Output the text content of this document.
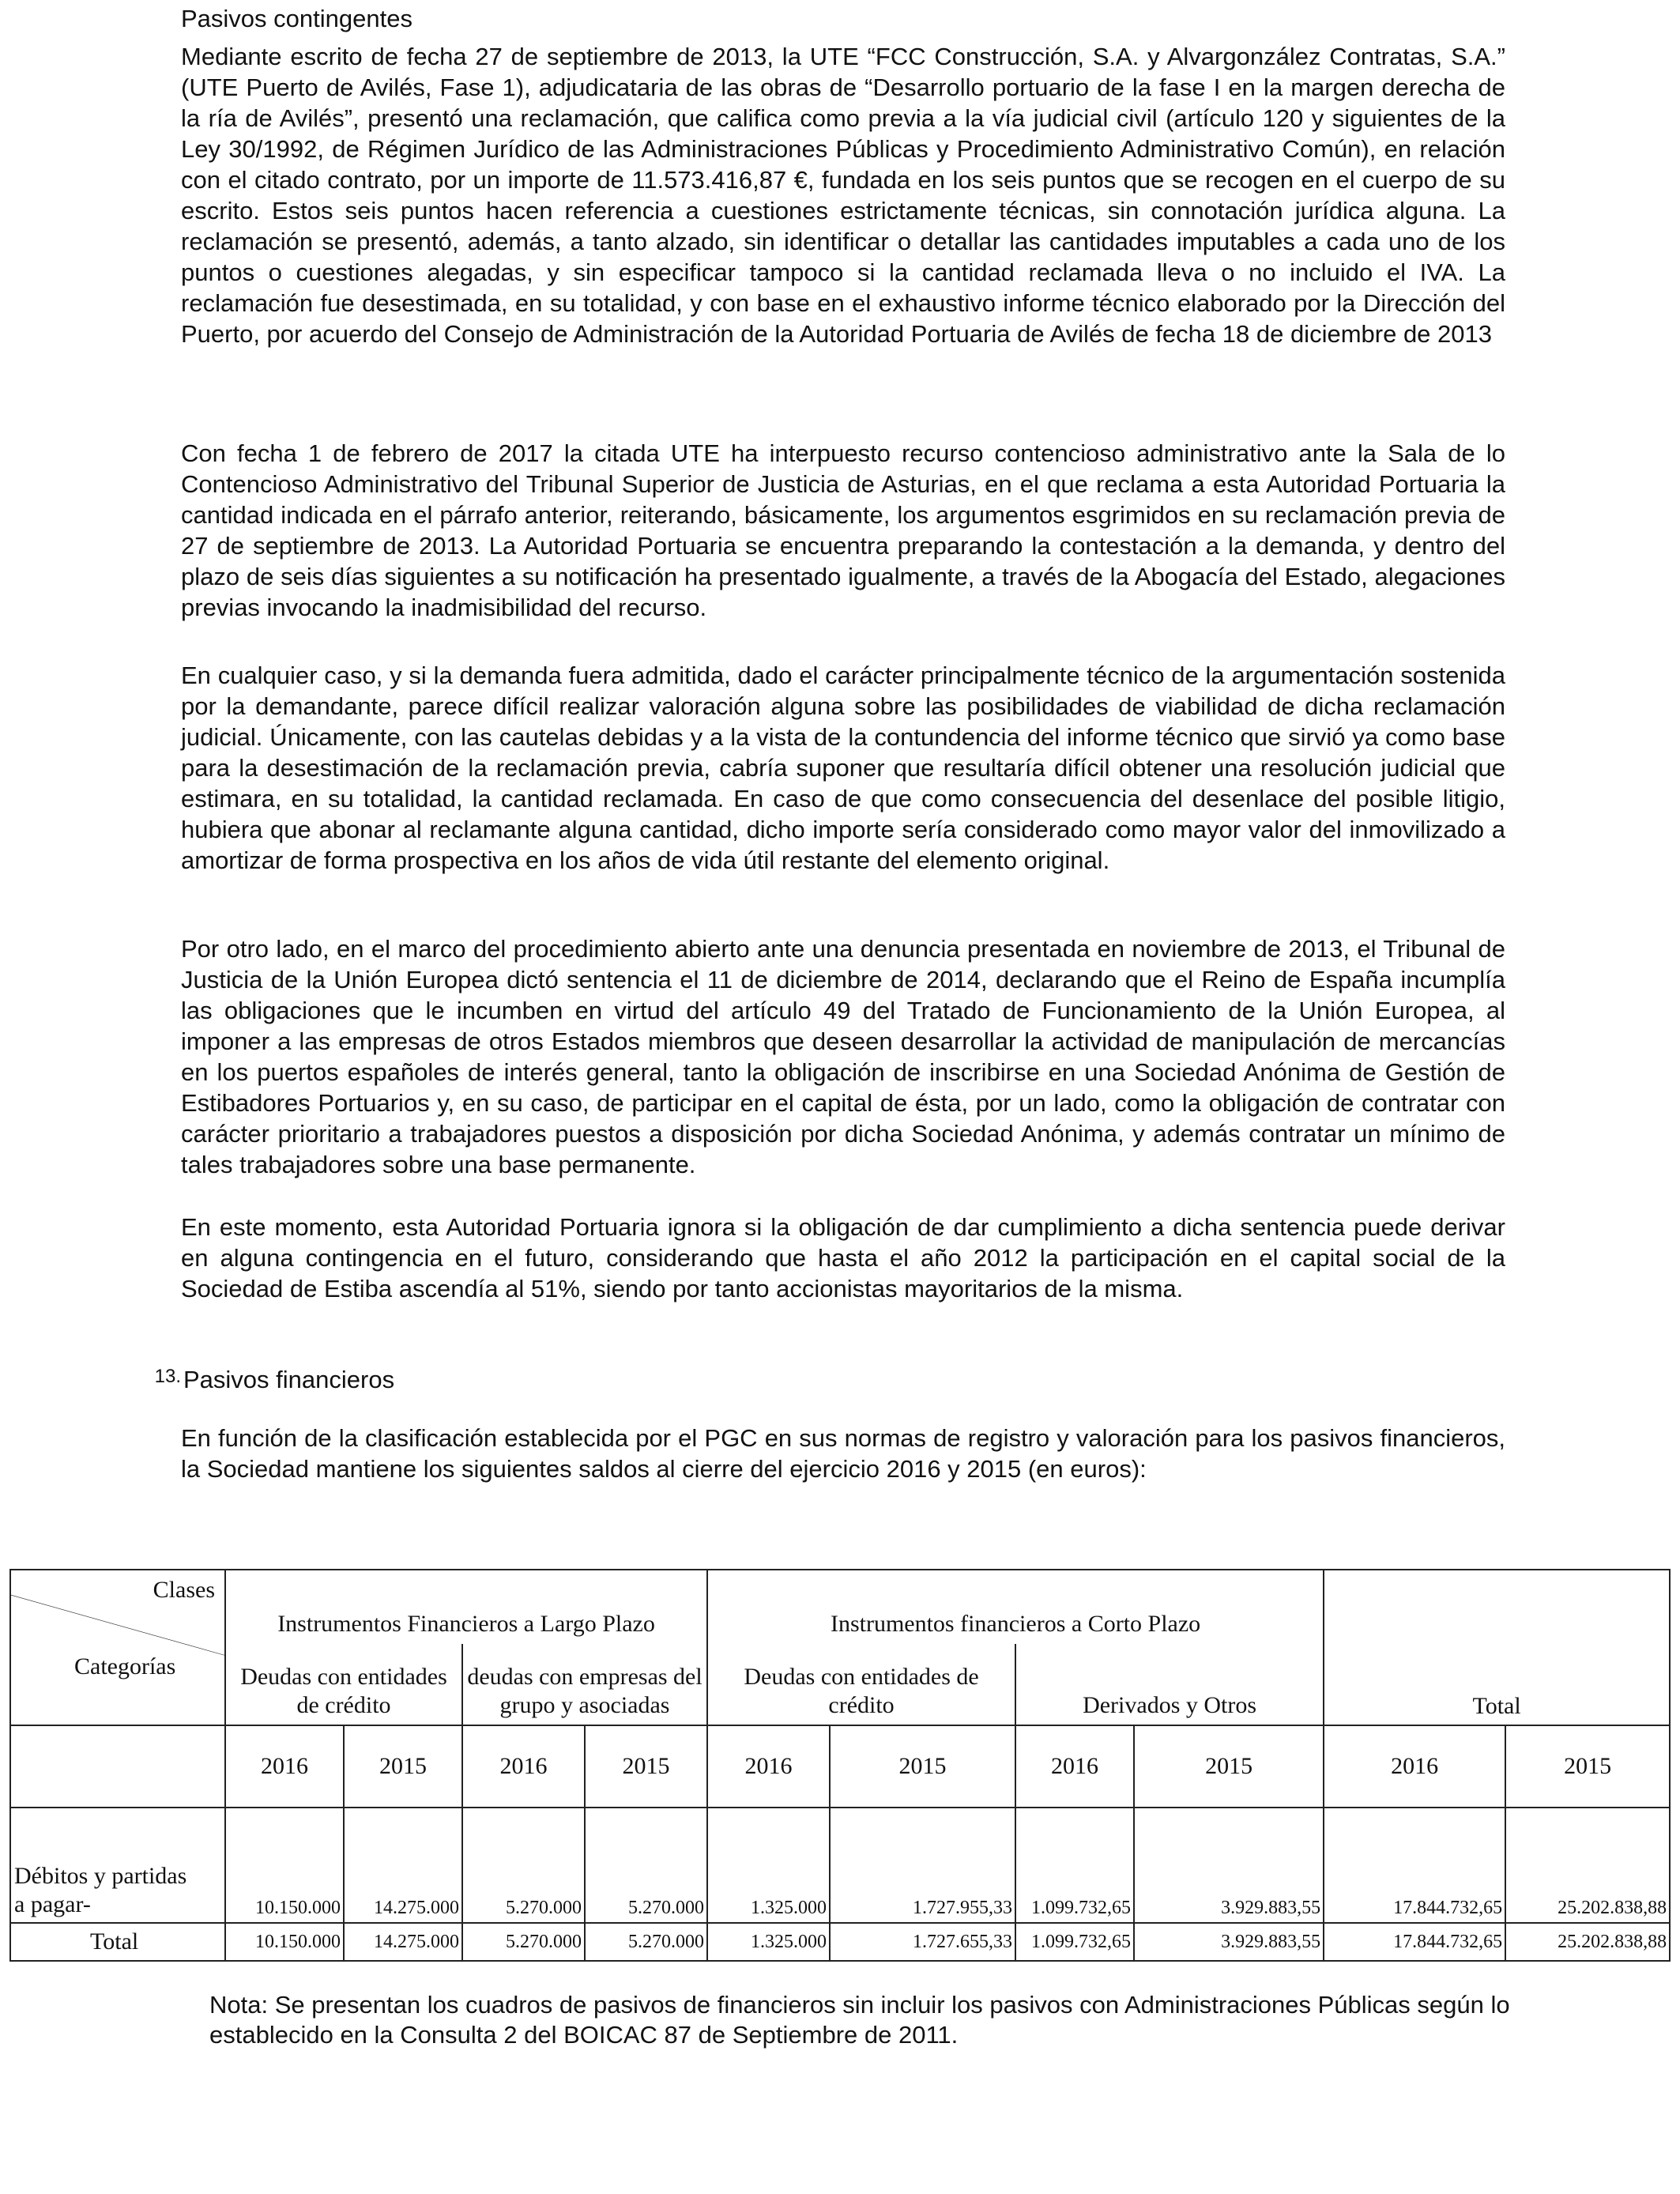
Pasivos contingentes

Mediante escrito de fecha 27 de septiembre de 2013, la UTE “FCC Construcción, S.A. y Alvargonzález Contratas, S.A.” (UTE Puerto de Avilés, Fase 1), adjudicataria de las obras de “Desarrollo portuario de la fase I en la margen derecha de la ría de Avilés”, presentó una reclamación, que califica como previa a la vía judicial civil (artículo 120 y siguientes de la Ley 30/1992, de Régimen Jurídico de las Administraciones Públicas y Procedimiento Administrativo Común), en relación con el citado contrato, por un importe de 11.573.416,87 €, fundada en los seis puntos que se recogen en el cuerpo de su escrito. Estos seis puntos hacen referencia a cuestiones estrictamente técnicas, sin connotación jurídica alguna. La reclamación se presentó, además, a tanto alzado, sin identificar o detallar las cantidades imputables a cada uno de los puntos o cuestiones alegadas, y sin especificar tampoco si la cantidad reclamada lleva o no incluido el IVA. La reclamación fue desestimada, en su totalidad, y con base en el exhaustivo informe técnico elaborado por la Dirección del Puerto, por acuerdo del Consejo de Administración de la Autoridad Portuaria de Avilés de fecha 18 de diciembre de 2013

Con fecha 1 de febrero de 2017 la citada UTE ha interpuesto recurso contencioso administrativo ante la Sala de lo Contencioso Administrativo del Tribunal Superior de Justicia de Asturias, en el que reclama a esta Autoridad Portuaria la cantidad indicada en el párrafo anterior, reiterando, básicamente, los argumentos esgrimidos en su reclamación previa de 27 de septiembre de 2013. La Autoridad Portuaria se encuentra preparando la contestación a la demanda, y dentro del plazo de seis días siguientes a su notificación ha presentado igualmente, a través de la Abogacía del Estado, alegaciones previas invocando la inadmisibilidad del recurso.

En cualquier caso, y si la demanda fuera admitida, dado el carácter principalmente técnico de la argumentación sostenida por la demandante, parece difícil realizar valoración alguna sobre las posibilidades de viabilidad de dicha reclamación judicial. Únicamente, con las cautelas debidas y a la vista de la contundencia del informe técnico que sirvió ya como base para la desestimación de la reclamación previa, cabría suponer que resultaría difícil obtener una resolución judicial que estimara, en su totalidad, la cantidad reclamada. En caso de que como consecuencia del desenlace del posible litigio, hubiera que abonar al reclamante alguna cantidad, dicho importe sería considerado como mayor valor del inmovilizado a amortizar de forma prospectiva en los años de vida útil restante del elemento original.

Por otro lado, en el marco del procedimiento abierto ante una denuncia presentada en noviembre de 2013, el Tribunal de Justicia de la Unión Europea dictó sentencia el 11 de diciembre de 2014, declarando que el Reino de España incumplía las obligaciones que le incumben en virtud del artículo 49 del Tratado de Funcionamiento de la Unión Europea, al imponer a las empresas de otros Estados miembros que deseen desarrollar la actividad de manipulación de mercancías en los puertos españoles de interés general, tanto la obligación de inscribirse en una Sociedad Anónima de Gestión de Estibadores Portuarios y, en su caso, de participar en el capital de ésta, por un lado, como la obligación de contratar con carácter prioritario a trabajadores puestos a disposición por dicha Sociedad Anónima, y además contratar un mínimo de tales trabajadores sobre una base permanente.

En este momento, esta Autoridad Portuaria ignora si la obligación de dar cumplimiento a dicha sentencia puede derivar en alguna contingencia en el futuro, considerando que hasta el año 2012 la participación en el capital social de la Sociedad de Estiba ascendía al 51%, siendo por tanto accionistas mayoritarios de la misma.

13.Pasivos financieros

En función de la clasificación establecida por el PGC en sus normas de registro y valoración para los pasivos financieros, la Sociedad mantiene los siguientes saldos al cierre del ejercicio 2016 y 2015 (en euros):

Clases
Categorías	Instrumentos Financieros a Largo Plazo				Instrumentos financieros a Corto Plazo				Total	
	Deudas con entidades de crédito		deudas con empresas del grupo y asociadas		Deudas con entidades de crédito		Derivados y Otros			
	2016	2015	2016	2015	2016	2015	2016	2015	2016	2015

Débitos y partidas
a pagar-	10.150.000	14.275.000	5.270.000	5.270.000	1.325.000	1.727.955,33	1.099.732,65	3.929.883,55	17.844.732,65	25.202.838,88
Total	10.150.000	14.275.000	5.270.000	5.270.000	1.325.000	1.727.655,33	1.099.732,65	3.929.883,55	17.844.732,65	25.202.838,88

Nota: Se presentan los cuadros de pasivos de financieros sin incluir los pasivos con Administraciones Públicas según lo establecido en la Consulta 2 del BOICAC 87 de Septiembre de 2011.
